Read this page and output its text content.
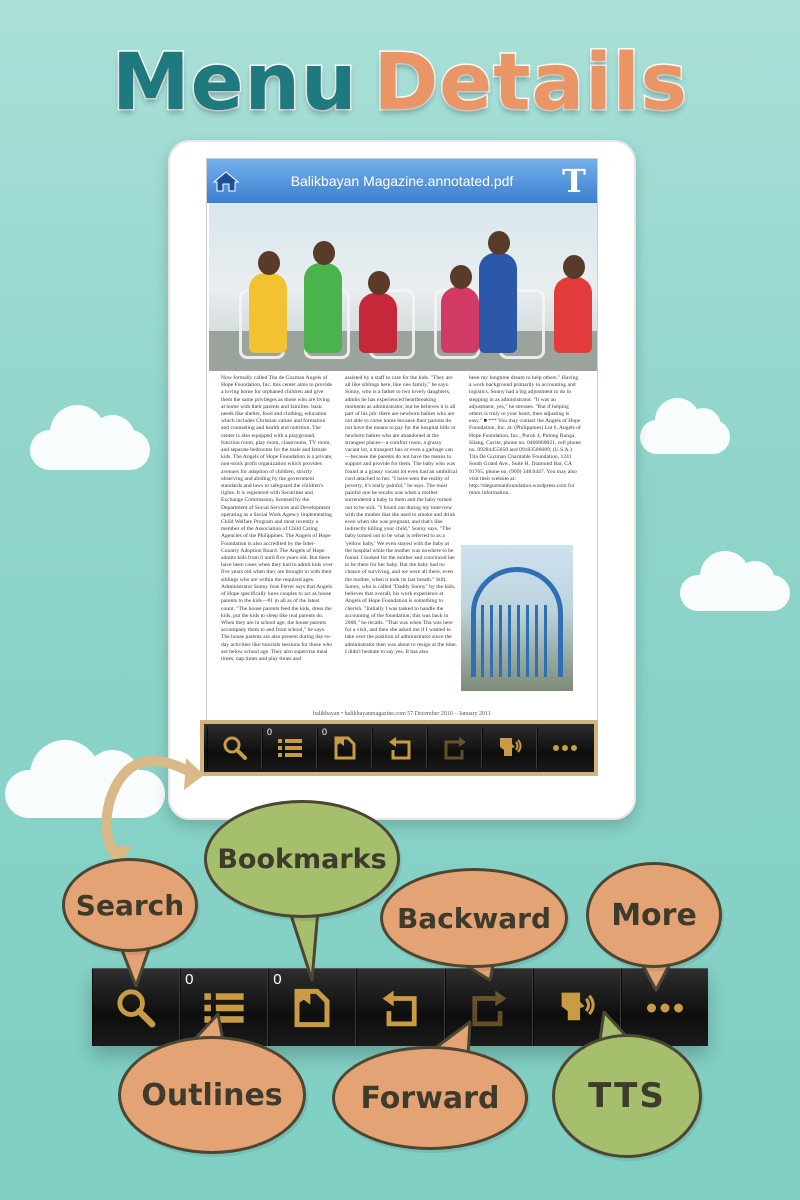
Menu Details
Balikbayan Magazine.annotated.pdf T

Now formally called Tita de Guzman Angels of Hope Foundation, Inc. this center aims to provide a loving home for orphaned children and give them the same privileges as those who are living at home with their parents and families: basic needs like shelter, food and clothing, education which includes Christian values and formation and counseling and health and nutrition. The center is also equipped with a playground, function room, play room, classrooms, TV room, and separate bedrooms for the male and female kids. The Angels of Hope Foundation is a private, non-stock profit organization which provides avenues for adoption of children, strictly observing and abiding by the government standards and laws to safeguard the children's rights. It is registered with Securities and Exchange Commission, licensed by the Department of Social Services and Development operating as a Social Work Agency implementing Child Welfare Program and most recently a member of the Association of Child Caring Agencies of the Philippines. The Angels of Hope Foundation is also accredited by the Inter-Country Adoption Board. The Angels of Hope admits kids from 0 until five years old. But there have been cases when they had to admit kids over five years old when they are brought in with their siblings who are within the required ages. Administrator Sonny Jose Ferrer says that Angels of Hope specifically lures couples to act as house parents to the kids—#1 in all as of the latest count. "The house parents feed the kids, dress the kids, put the kids to sleep like real parents do. When they are in school age, the house parents accompany them to and from school," he says. The house parents are also present during day-to-day activities like tutorials sessions for those who are below school age. They also supervise meal times, nap times and play times and

assisted by a staff to care for the kids. "They are all like siblings here, like one family," he says. Sonny, who is a father to two lovely daughters, admits he has experienced heartbreaking moments as administrator, but he believes it is all part of his job: there are newborn babies who are not able to come home because their parents do not have the means to pay for the hospital bills or newborn babies who are abandoned at the strangest places—a comfort room, a grassy vacant lot, a transport bus or even a garbage can—because the parents do not have the means to support and provide for them. The baby who was found at a grassy vacant lot even had an umbilical cord attached to her. "I have seen the reality of poverty, it's really painful," he says. The most painful one he recalls was when a mother surrendered a baby to them and the baby turned out to be sick. "I found out during my interview with the mother that she used to smoke and drink even when she was pregnant, and that's like indirectly killing your child," Sonny says. "The baby turned out to be what is referred to as a 'yellow baby.' We even stayed with the baby at the hospital while the mother was nowhere to be found. I looked for the mother and convinced her to be there for her baby. But the baby had no chance of surviving, and we were all there, even the mother, when it took its last breath." Still, Sonny, who is called "Daddy Sonny" by the kids, believes that overall, his work experience at Angels of Hope Foundation is something to cherish. "Initially I was tasked to handle the accounting of the foundation; this was back in 2008," he recalls. "That was when Tita was here for a visit, and then she asked me if I wanted to take over the position of administrator since the administrator then was about to resign at the time. I didn't hesitate to say yes. It has also

been my longtime dream to help others." Having a work background primarily in accounting and logistics, Sonny had a big adjustment to do in stepping in as administrator. "It was an adjustment, yes," he stresses. "But if helping others is truly in your heart, then adjusting is easy." ■ *** You may contact the Angels of Hope Foundation, Inc. at: (Philippines) Lot 6, Angels of Hope Foundation, Inc., Purok 4, Pulong Bunga, Silang, Cavite, phone no. 0466860021, cell phone no. 09284455050 and 09183506689; (U.S.A.) Tita De Guzman Charitable Foundation, 1241 South Grand Ave., Suite H, Diamond Bar, CA 91765, phone no. (909) 348.0447. You may also visit their website at: http://tdeguzmanfoundation.wordpress.com for more information.

balikbayan • balikbayanmagazine.com 57 December 2010 – January 2011
0	0
0	0
Search
Bookmarks
Backward	More
Outlines	Forward	TTS
